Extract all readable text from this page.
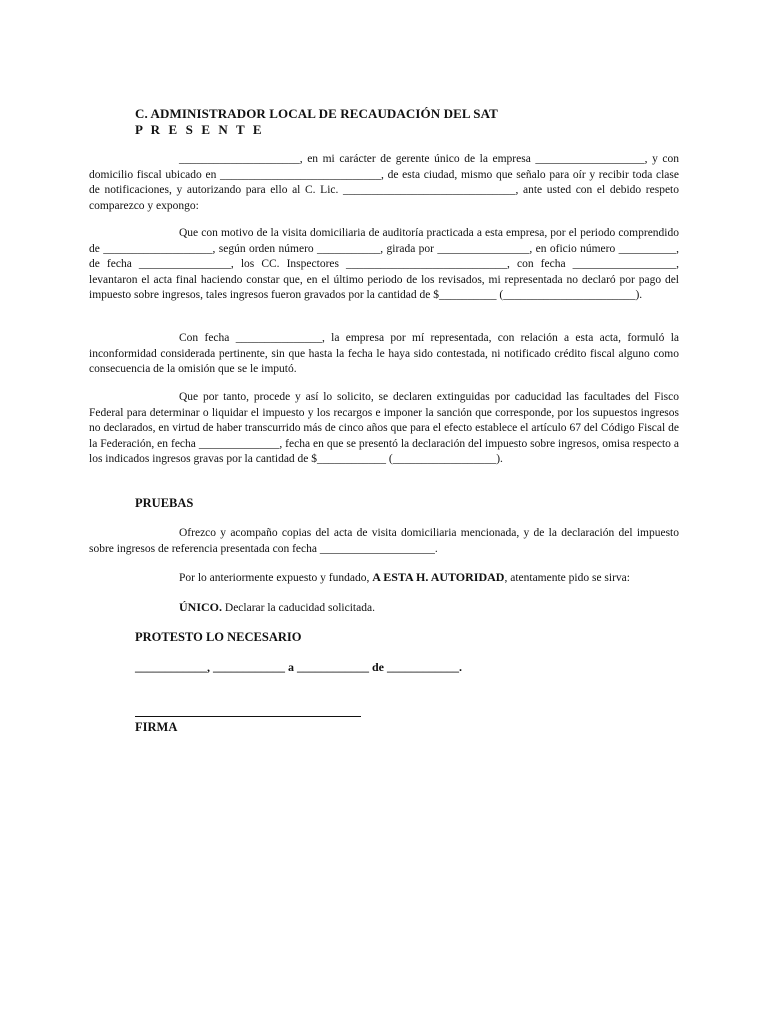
C. ADMINISTRADOR LOCAL DE RECAUDACIÓN DEL SAT
P R E S E N T E
_____________________, en mi carácter de gerente único de la empresa ___________________, y con domicilio fiscal ubicado en ____________________________, de esta ciudad, mismo que señalo para oír y recibir toda clase de notificaciones, y autorizando para ello al C. Lic. ______________________________, ante usted con el debido respeto comparezco y expongo:
Que con motivo de la visita domiciliaria de auditoría practicada a esta empresa, por el periodo comprendido de ___________________, según orden número ___________, girada por ________________, en oficio número __________, de fecha ________________, los CC. Inspectores ____________________________, con fecha __________________, levantaron el acta final haciendo constar que, en el último periodo de los revisados, mi representada no declaró por pago del impuesto sobre ingresos, tales ingresos fueron gravados por la cantidad de $__________ (_______________________).
Con fecha _______________, la empresa por mí representada, con relación a esta acta, formuló la inconformidad considerada pertinente, sin que hasta la fecha le haya sido contestada, ni notificado crédito fiscal alguno como consecuencia de la omisión que se le imputó.
Que por tanto, procede y así lo solicito, se declaren extinguidas por caducidad las facultades del Fisco Federal para determinar o liquidar el impuesto y los recargos e imponer la sanción que corresponde, por los supuestos ingresos no declarados, en virtud de haber transcurrido más de cinco años que para el efecto establece el artículo 67 del Código Fiscal de la Federación, en fecha ______________, fecha en que se presentó la declaración del impuesto sobre ingresos, omisa respecto a los indicados ingresos gravas por la cantidad de $____________ (__________________).
PRUEBAS
Ofrezco y acompaño copias del acta de visita domiciliaria mencionada, y de la declaración del impuesto sobre ingresos de referencia presentada con fecha ____________________.
Por lo anteriormente expuesto y fundado, A ESTA H. AUTORIDAD, atentamente pido se sirva:
ÚNICO. Declarar la caducidad solicitada.
PROTESTO LO NECESARIO
____________, ____________ a ____________ de ____________.
FIRMA
